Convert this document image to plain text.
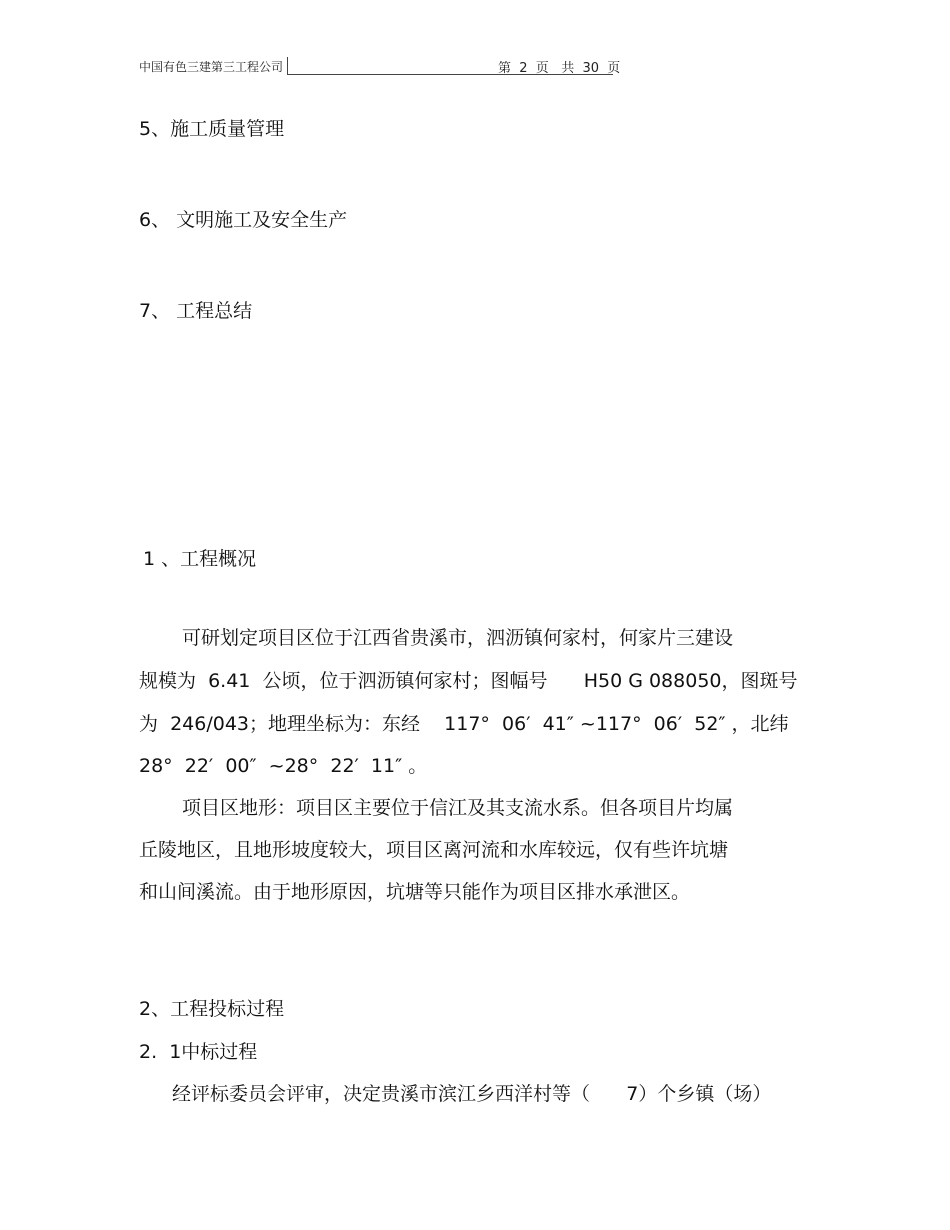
中国有色三建第三工程公司	第  2  页   共  30  页
5、施工质量管理
6、 文明施工及安全生产
7、 工程总结
1 、工程概况
可研划定项目区位于江西省贵溪市，泗沥镇何家村，何家片三建设
规模为  6.41  公顷，位于泗沥镇何家村；图幅号      H50 G 088050，图斑号
为  246/043；地理坐标为：东经    117°  06′  41″ ~117°  06′  52″ ，北纬
28°  22′  00″  ~28°  22′  11″ 。
项目区地形：项目区主要位于信江及其支流水系。但各项目片均属
丘陵地区，且地形坡度较大，项目区离河流和水库较远，仅有些许坑塘
和山间溪流。由于地形原因，坑塘等只能作为项目区排水承泄区。
2、工程投标过程
2.  1中标过程
经评标委员会评审，决定贵溪市滨江乡西洋村等（      7）个乡镇（场）
